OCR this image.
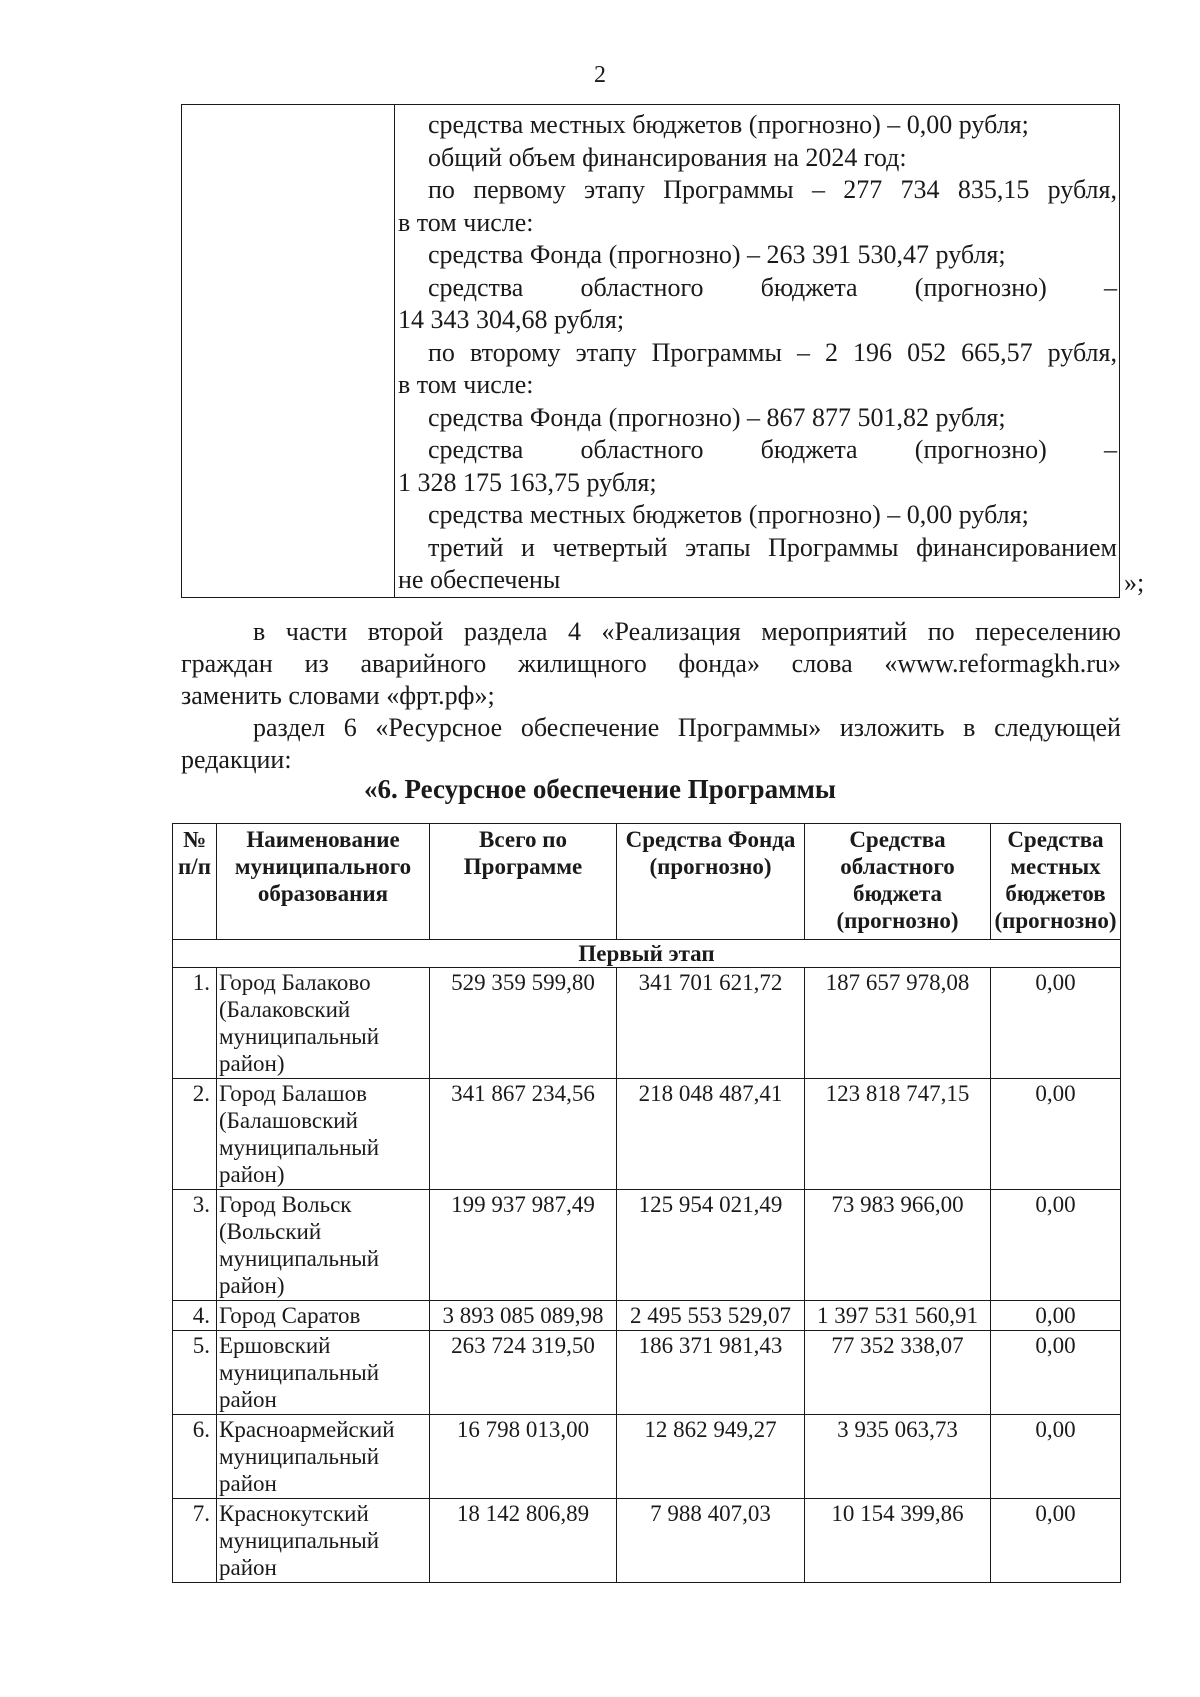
2

средства местных бюджетов (прогнозно) – 0,00 рубля;
общий объем финансирования на 2024 год:
по первому этапу Программы – 277 734 835,15 рубля,
в том числе:
средства Фонда (прогнозно) – 263 391 530,47 рубля;
средства областного бюджета (прогнозно) –
14 343 304,68 рубля;
по второму этапу Программы – 2 196 052 665,57 рубля,
в том числе:
средства Фонда (прогнозно) – 867 877 501,82 рубля;
средства областного бюджета (прогнозно) –
1 328 175 163,75 рубля;
средства местных бюджетов (прогнозно) – 0,00 рубля;
третий и четвертый этапы Программы финансированием
не обеспечены	»;
в части второй раздела 4 «Реализация мероприятий по переселению
граждан из аварийного жилищного фонда» слова «www.reformagkh.ru»
заменить словами «фрт.рф»;
раздел 6 «Ресурсное обеспечение Программы» изложить в следующей
редакции:
«6. Ресурсное обеспечение Программы
№ п/п	Наименование муниципального образования	Всего по Программе	Средства Фонда (прогнозно)	Средства областного бюджета (прогнозно)	Средства местных бюджетов (прогнозно)
Первый этап					
1.	Город Балаково (Балаковский муниципальный район)	529 359 599,80	341 701 621,72	187 657 978,08	0,00
2.	Город Балашов (Балашовский муниципальный район)	341 867 234,56	218 048 487,41	123 818 747,15	0,00
3.	Город Вольск (Вольский муниципальный район)	199 937 987,49	125 954 021,49	73 983 966,00	0,00
4.	Город Саратов	3 893 085 089,98	2 495 553 529,07	1 397 531 560,91	0,00
5.	Ершовский муниципальный район	263 724 319,50	186 371 981,43	77 352 338,07	0,00
6.	Красноармейский муниципальный район	16 798 013,00	12 862 949,27	3 935 063,73	0,00
7.	Краснокутский муниципальный район	18 142 806,89	7 988 407,03	10 154 399,86	0,00
